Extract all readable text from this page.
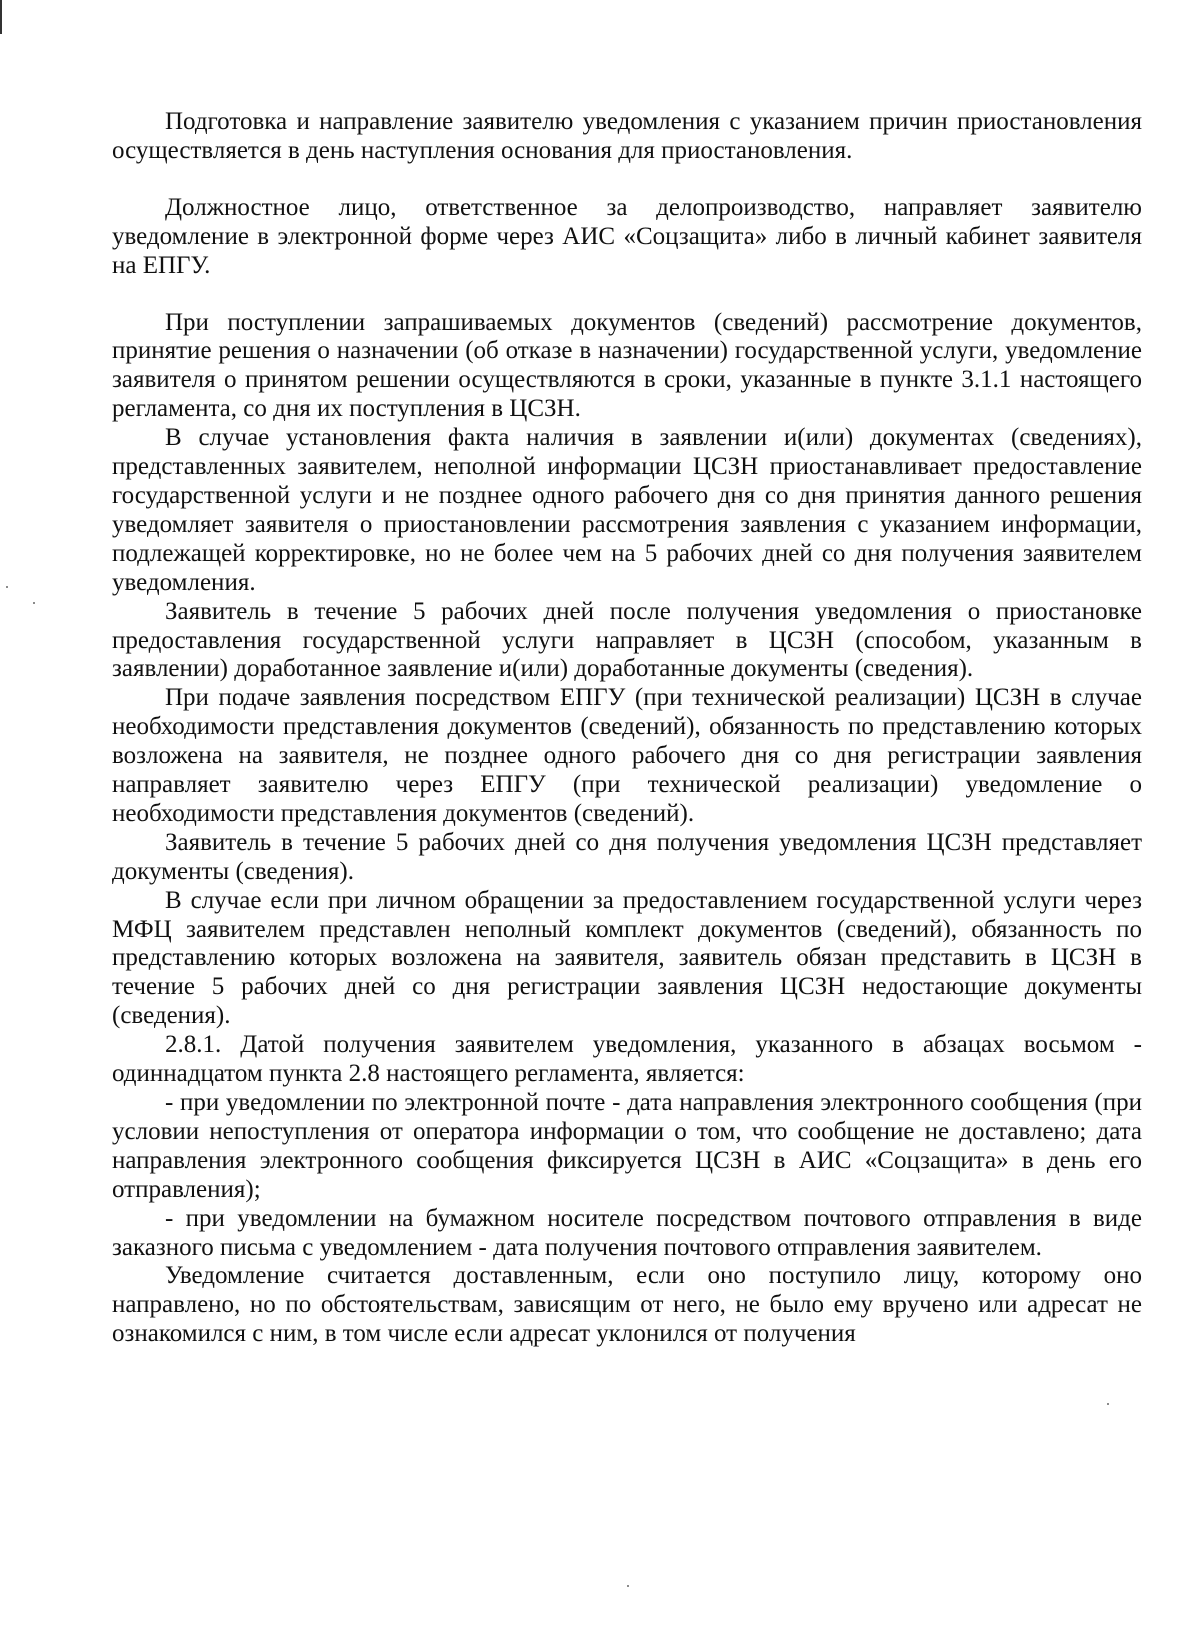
Подготовка и направление заявителю уведомления с указанием причин приостановления осуществляется в день наступления основания для приостановления.

Должностное лицо, ответственное за делопроизводство, направляет заявителю уведомление в электронной форме через АИС «Соцзащита» либо в личный кабинет заявителя на ЕПГУ.

При поступлении запрашиваемых документов (сведений) рассмотрение документов, принятие решения о назначении (об отказе в назначении) государственной услуги, уведомление заявителя о принятом решении осуществляются в сроки, указанные в пункте 3.1.1 настоящего регламента, со дня их поступления в ЦСЗН.

В случае установления факта наличия в заявлении и(или) документах (сведениях), представленных заявителем, неполной информации ЦСЗН приостанавливает предоставление государственной услуги и не позднее одного рабочего дня со дня принятия данного решения уведомляет заявителя о приостановлении рассмотрения заявления с указанием информации, подлежащей корректировке, но не более чем на 5 рабочих дней со дня получения заявителем уведомления.

Заявитель в течение 5 рабочих дней после получения уведомления о приостановке предоставления государственной услуги направляет в ЦСЗН (способом, указанным в заявлении) доработанное заявление и(или) доработанные документы (сведения).

При подаче заявления посредством ЕПГУ (при технической реализации) ЦСЗН в случае необходимости представления документов (сведений), обязанность по представлению которых возложена на заявителя, не позднее одного рабочего дня со дня регистрации заявления направляет заявителю через ЕПГУ (при технической реализации) уведомление о необходимости представления документов (сведений).

Заявитель в течение 5 рабочих дней со дня получения уведомления ЦСЗН представляет документы (сведения).

В случае если при личном обращении за предоставлением государственной услуги через МФЦ заявителем представлен неполный комплект документов (сведений), обязанность по представлению которых возложена на заявителя, заявитель обязан представить в ЦСЗН в течение 5 рабочих дней со дня регистрации заявления ЦСЗН недостающие документы (сведения).

2.8.1. Датой получения заявителем уведомления, указанного в абзацах восьмом - одиннадцатом пункта 2.8 настоящего регламента, является:

- при уведомлении по электронной почте - дата направления электронного сообщения (при условии непоступления от оператора информации о том, что сообщение не доставлено; дата направления электронного сообщения фиксируется ЦСЗН в АИС «Соцзащита» в день его отправления);

- при уведомлении на бумажном носителе посредством почтового отправления в виде заказного письма с уведомлением - дата получения почтового отправления заявителем.

Уведомление считается доставленным, если оно поступило лицу, которому оно направлено, но по обстоятельствам, зависящим от него, не было ему вручено или адресат не ознакомился с ним, в том числе если адресат уклонился от получения
